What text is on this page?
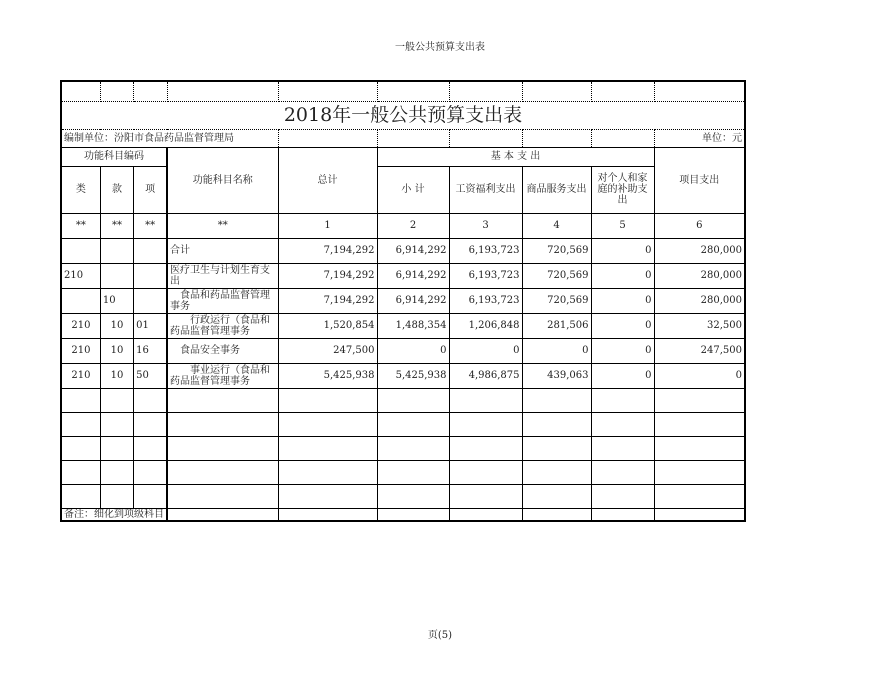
一般公共预算支出表

2018年一般公共预算支出表									
编制单位：汾阳市食品药品监督管理局									单位：元
功能科目编码			功能科目名称	总计	基 本 支 出				项目支出
类	款	项			小 计	工资福利支出	商品服务支出	对个人和家庭的补助支出	
**	**	**	**	1	2	3	4	5	6
			合计	7,194,292	6,914,292	6,193,723	720,569	0	280,000
210			医疗卫生与计划生育支出	7,194,292	6,914,292	6,193,723	720,569	0	280,000
	10		　食品和药品监督管理事务	7,194,292	6,914,292	6,193,723	720,569	0	280,000
210	10	01	　　行政运行（食品和药品监督管理事务	1,520,854	1,488,354	1,206,848	281,506	0	32,500
210	10	16	　食品安全事务	247,500	0	0	0	0	247,500
210	10	50	　　事业运行（食品和药品监督管理事务	5,425,938	5,425,938	4,986,875	439,063	0	0

备注：细化到项级科目									
页(5)
